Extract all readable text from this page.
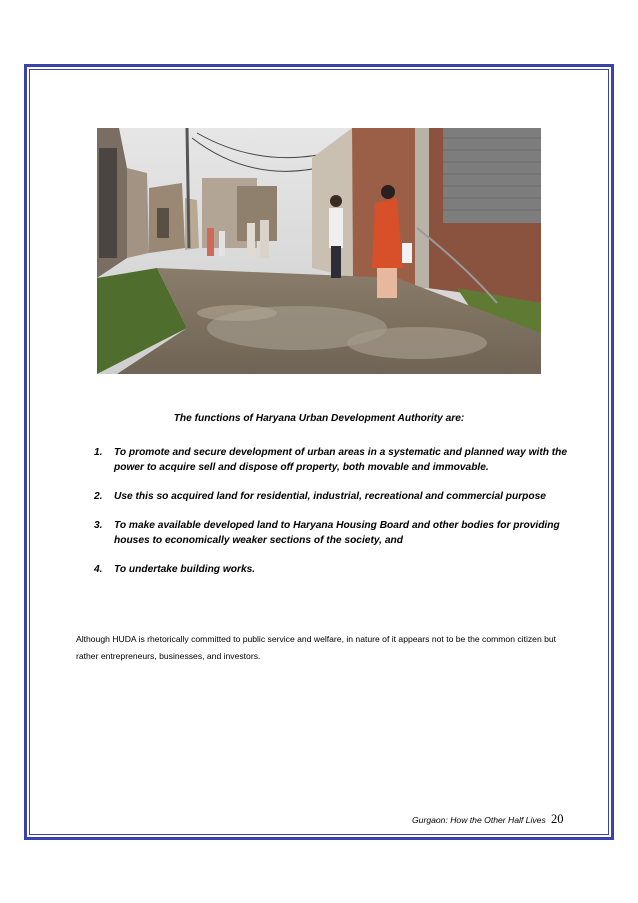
The functions of Haryana Urban Development Authority are:
1. To promote and secure development of urban areas in a systematic and planned way with the power to acquire sell and dispose off property, both movable and immovable.
2. Use this so acquired land for residential, industrial, recreational and commercial purpose
3. To make available developed land to Haryana Housing Board and other bodies for providing houses to economically weaker sections of the society, and
4. To undertake building works.
Although HUDA is rhetorically committed to public service and welfare, in nature of it appears not to be the common citizen but rather entrepreneurs, businesses, and investors.
Gurgaon: How the Other Half Lives 20
